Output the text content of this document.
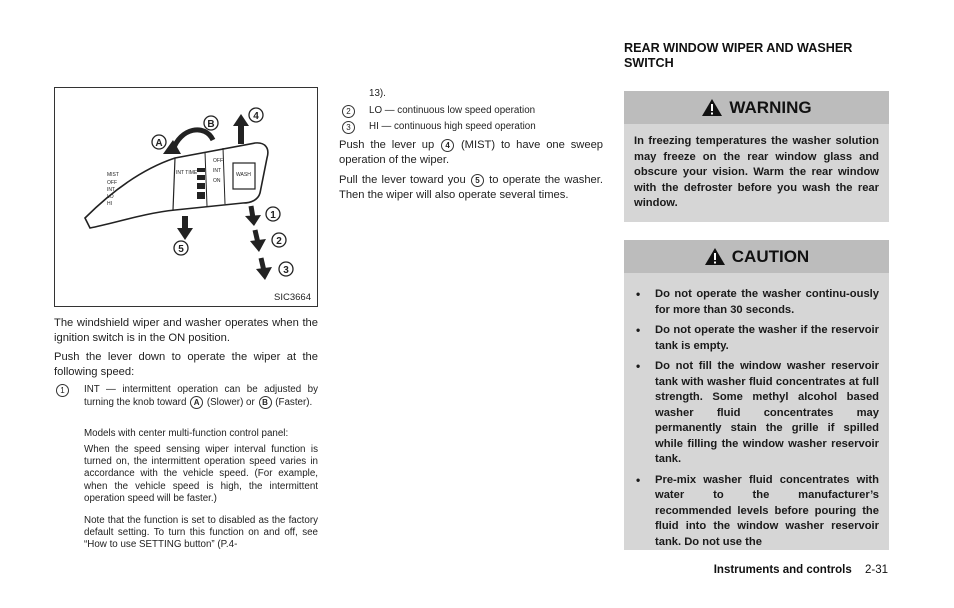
MIST
OFF
INT
LO
HI
INT TIME
OFF
INT
ON
WASH
A
B
4
1
2
3
5
SIC3664
The windshield wiper and washer operates when the ignition switch is in the ON position.
Push the lever down to operate the wiper at the following speed:
1	INT — intermittent operation can be adjusted by turning the knob toward A (Slower) or B (Faster).
Models with center multi-function control panel:
When the speed sensing wiper interval function is turned on, the intermittent operation speed varies in accordance with the vehicle speed. (For example, when the vehicle speed is high, the intermittent operation speed will be faster.)
Note that the function is set to disabled as the factory default setting. To turn this function on and off, see “How to use SETTING button” (P.4-
13).
2	LO — continuous low speed operation
3	HI — continuous high speed operation
Push the lever up 4 (MIST) to have one sweep operation of the wiper.
Pull the lever toward you 5 to operate the washer. Then the wiper will also operate several times.
REAR WINDOW WIPER AND WASHER SWITCH
WARNING
In freezing temperatures the washer solution may freeze on the rear window glass and obscure your vision. Warm the rear window with the defroster before you wash the rear window.
CAUTION
• Do not operate the washer continu-ously for more than 30 seconds.
• Do not operate the washer if the reservoir tank is empty.
• Do not fill the window washer reservoir tank with washer fluid concentrates at full strength. Some methyl alcohol based washer fluid concentrates may permanently stain the grille if spilled while filling the window washer reservoir tank.
• Pre-mix washer fluid concentrates with water to the manufacturer’s recommended levels before pouring the fluid into the window washer reservoir tank. Do not use the
Instruments and controls 2-31
